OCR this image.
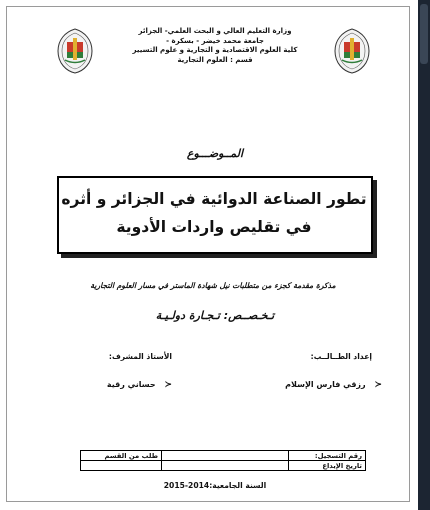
وزارة التعليم العالي و البحث العلمي- الجزائر
جامعة محمد خيضر - بسكرة -
كلية العلوم الاقتصادية و التجارية و علوم التسيير
قسم : العلوم التجارية
المــوضـــوع
تطور الصناعة الدوائية في الجزائر و أثره
في تقليص واردات الأدوية
مذكرة مقدمة كجزء من متطلبات نيل شهادة الماستر في مسار العلوم التجارية
تـخـصــص: تـجـارة دولـيـة
إعداد الطــالــب:
الأستاذ المشرف:
≺ رزقي فارس الإسلام
≺ حساني رقية
رقم التسجيل:		طلب من القسم
تاريخ الإيداع		
السنة الجامعية:2014-2015
